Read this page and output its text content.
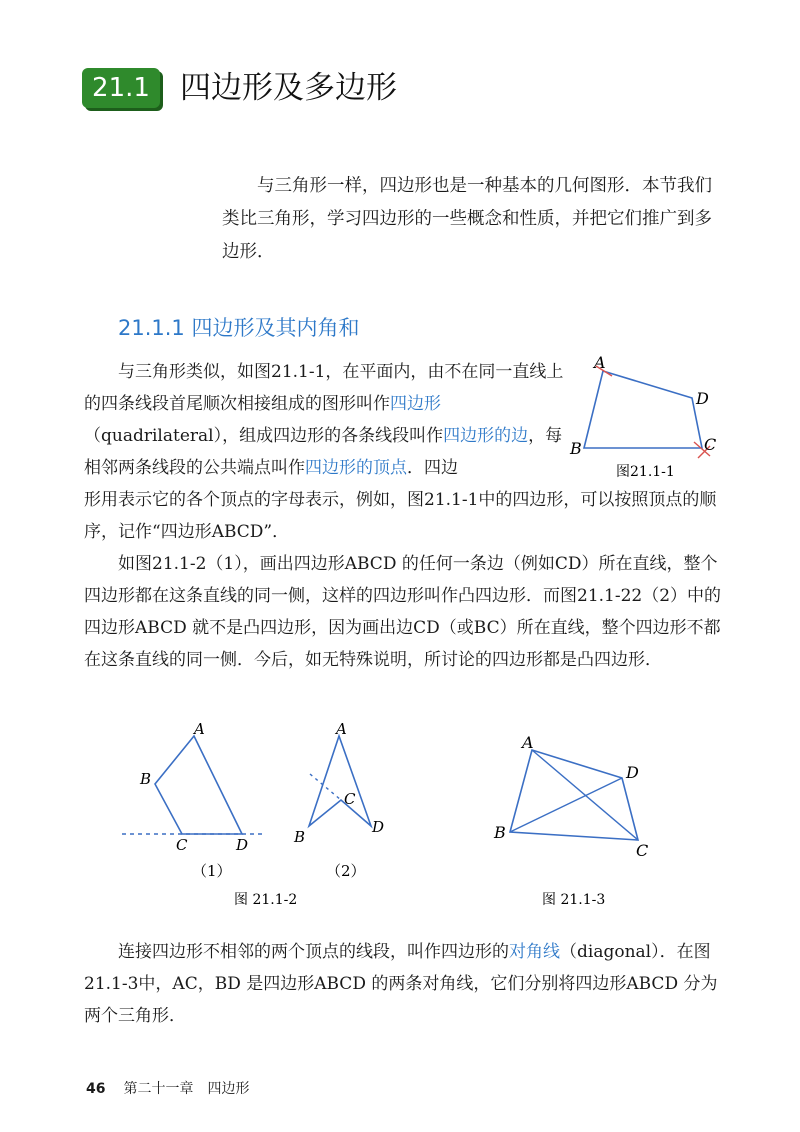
21.1 四边形及多边形

与三角形一样，四边形也是一种基本的几何图形．本节我们类比三角形，学习四边形的一些概念和性质，并把它们推广到多边形．

21.1.1 四边形及其内角和

与三角形类似，如图21.1-1，在平面内，由不在同一直线上的四条线段首尾顺次相接组成的图形叫作四边形（quadrilateral），组成四边形的各条线段叫作四边形的边，每相邻两条线段的公共端点叫作四边形的顶点．四边

形用表示它的各个顶点的字母表示，例如，图21.1-1中的四边形，可以按照顶点的顺序，记作“四边形ABCD”．

如图21.1-2（1），画出四边形ABCD 的任何一条边（例如CD）所在直线，整个四边形都在这条直线的同一侧，这样的四边形叫作凸四边形．而图21.1-22（2）中的四边形ABCD 就不是凸四边形，因为画出边CD（或BC）所在直线，整个四边形不都在这条直线的同一侧．今后，如无特殊说明，所讨论的四边形都是凸四边形．

连接四边形不相邻的两个顶点的线段，叫作四边形的对角线（diagonal）．在图21.1-3中，AC，BD 是四边形ABCD 的两条对角线，它们分别将四边形ABCD 分为两个三角形．

A
D
C
B
图21.1-1
A
B
C	D
（1）
A
B
C
D
（2）
图 21.1-2
A
D
C
B
图 21.1-3
46 第二十一章　四边形
